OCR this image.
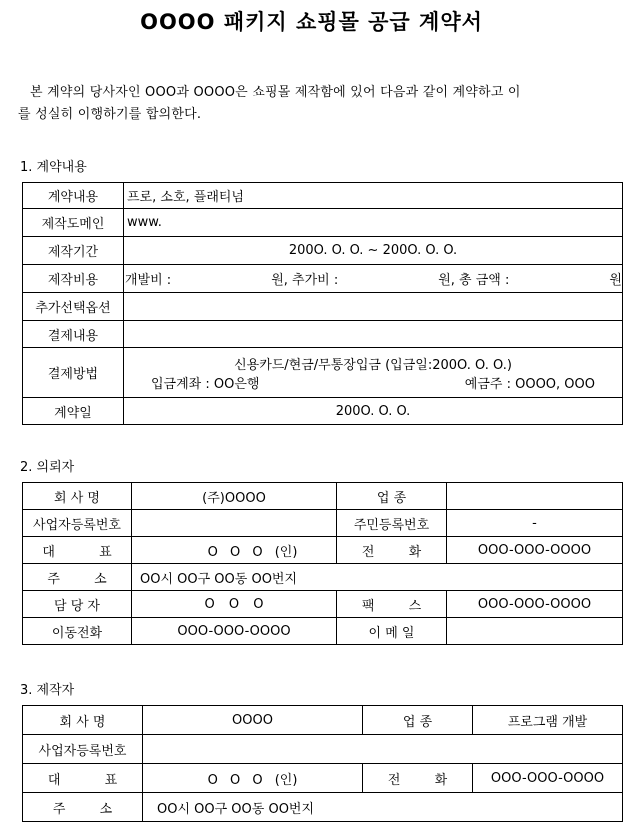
OOOO 패키지 쇼핑몰 공급 계약서
본 계약의 당사자인 OOO과 OOOO은 쇼핑몰 제작함에 있어 다음과 같이 계약하고 이
를 성실히 이행하기를 합의한다.
1. 계약내용
계약내용	프로, 소호, 플래티넘
제작도메인	www.
제작기간	200O. O. O. ~ 200O. O. O.
제작비용	개발비 : 원, 추가비 : 원, 총 금액 : 원

추가선택옵션	
결제내용	
결제방법	신용카드/현금/무통장입금 (입금일:200O. O. O.)
입금계좌 : OO은행 예금주 : OOOO, OOO

계약일	200O. O. O.
2. 의뢰자
회 사 명	(주)OOOO	업 종	
사업자등록번호		주민등록번호	-
대 표	O O O (인)	전 화	OOO-OOO-OOOO
주 소	OO시 OO구 OO동 OO번지		
담 당 자	O O O	팩 스	OOO-OOO-OOOO
이동전화	OOO-OOO-OOOO	이 메 일	
3. 제작자
회 사 명	OOOO	업 종	프로그램 개발
사업자등록번호			
대 표	O O O (인)	전 화	OOO-OOO-OOOO
주 소	OO시 OO구 OO동 OO번지		
